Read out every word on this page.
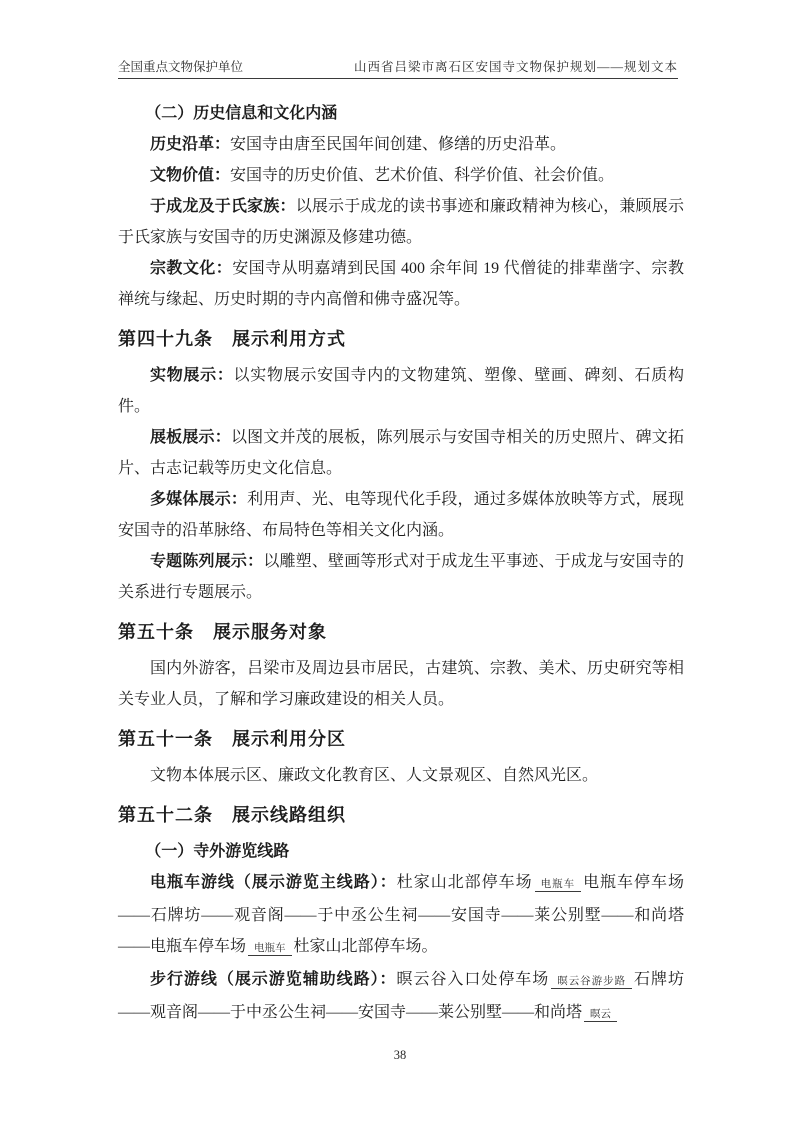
全国重点文物保护单位	山西省吕梁市离石区安国寺文物保护规划——规划文本
（二）历史信息和文化内涵

历史沿革：安国寺由唐至民国年间创建、修缮的历史沿革。

文物价值：安国寺的历史价值、艺术价值、科学价值、社会价值。

于成龙及于氏家族：以展示于成龙的读书事迹和廉政精神为核心，兼顾展示于氏家族与安国寺的历史渊源及修建功德。

宗教文化：安国寺从明嘉靖到民国 400 余年间 19 代僧徒的排辈凿字、宗教禅统与缘起、历史时期的寺内高僧和佛寺盛况等。

第四十九条　展示利用方式

实物展示：以实物展示安国寺内的文物建筑、塑像、壁画、碑刻、石质构件。

展板展示：以图文并茂的展板，陈列展示与安国寺相关的历史照片、碑文拓片、古志记载等历史文化信息。

多媒体展示：利用声、光、电等现代化手段，通过多媒体放映等方式，展现安国寺的沿革脉络、布局特色等相关文化内涵。

专题陈列展示：以雕塑、壁画等形式对于成龙生平事迹、于成龙与安国寺的关系进行专题展示。

第五十条　展示服务对象

国内外游客，吕梁市及周边县市居民，古建筑、宗教、美术、历史研究等相关专业人员，了解和学习廉政建设的相关人员。

第五十一条　展示利用分区

文物本体展示区、廉政文化教育区、人文景观区、自然风光区。

第五十二条　展示线路组织
（一）寺外游览线路

电瓶车游线（展示游览主线路）：杜家山北部停车场 电瓶车 电瓶车停车场——石牌坊——观音阁——于中丞公生祠——安国寺——莱公别墅——和尚塔——电瓶车停车场 电瓶车 杜家山北部停车场。

步行游线（展示游览辅助线路）：暝云谷入口处停车场 暝云谷游步路 石牌坊——观音阁——于中丞公生祠——安国寺——莱公别墅——和尚塔 暝云

38
